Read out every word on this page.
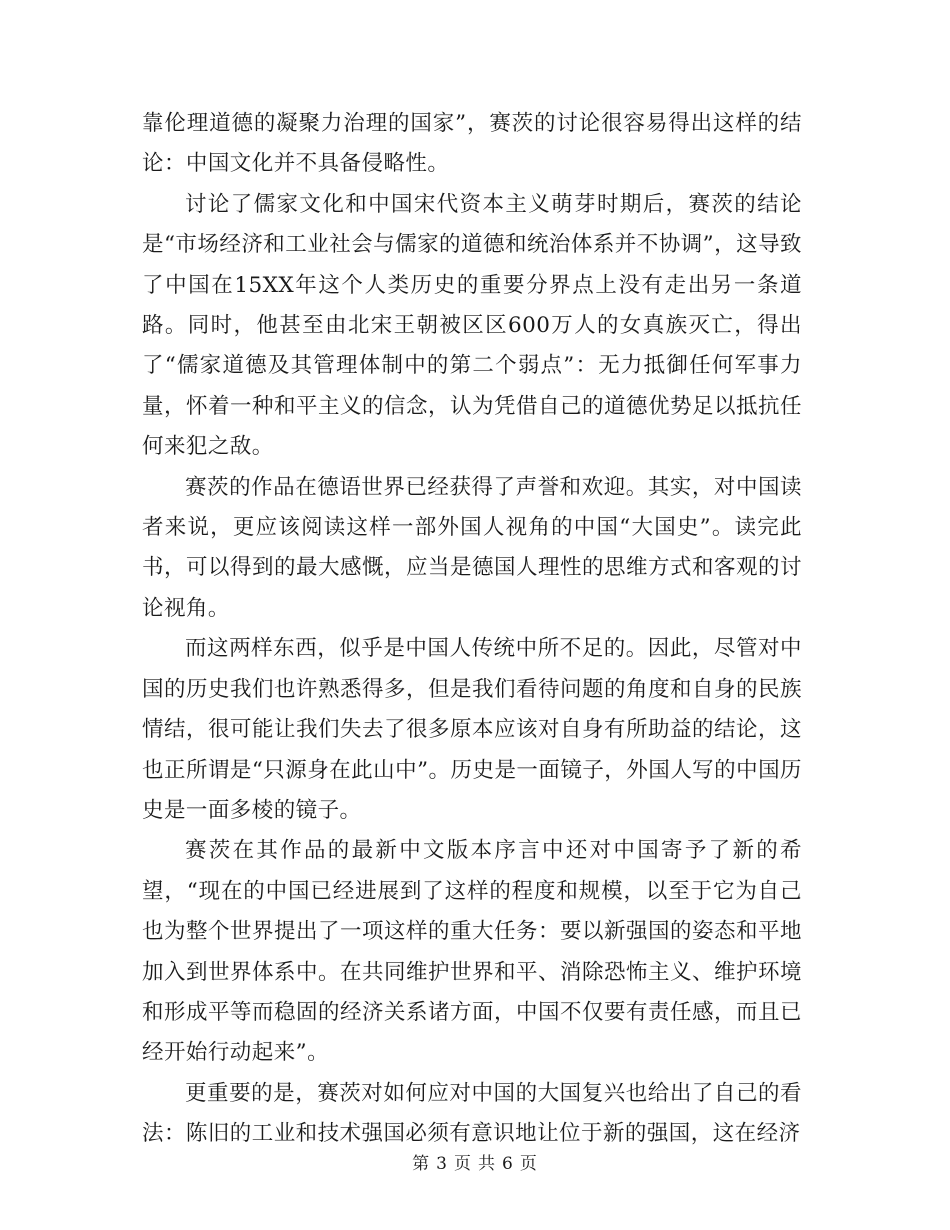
靠伦理道德的凝聚力治理的国家”，赛茨的讨论很容易得出这样的结论：中国文化并不具备侵略性。

讨论了儒家文化和中国宋代资本主义萌芽时期后，赛茨的结论是“市场经济和工业社会与儒家的道德和统治体系并不协调”，这导致了中国在15XX年这个人类历史的重要分界点上没有走出另一条道路。同时，他甚至由北宋王朝被区区600万人的女真族灭亡，得出了“儒家道德及其管理体制中的第二个弱点”：无力抵御任何军事力量，怀着一种和平主义的信念，认为凭借自己的道德优势足以抵抗任何来犯之敌。

赛茨的作品在德语世界已经获得了声誉和欢迎。其实，对中国读者来说，更应该阅读这样一部外国人视角的中国“大国史”。读完此书，可以得到的最大感慨，应当是德国人理性的思维方式和客观的讨论视角。

而这两样东西，似乎是中国人传统中所不足的。因此，尽管对中国的历史我们也许熟悉得多，但是我们看待问题的角度和自身的民族情结，很可能让我们失去了很多原本应该对自身有所助益的结论，这也正所谓是“只源身在此山中”。历史是一面镜子，外国人写的中国历史是一面多棱的镜子。

赛茨在其作品的最新中文版本序言中还对中国寄予了新的希望，“现在的中国已经进展到了这样的程度和规模，以至于它为自己也为整个世界提出了一项这样的重大任务：要以新强国的姿态和平地加入到世界体系中。在共同维护世界和平、消除恐怖主义、维护环境和形成平等而稳固的经济关系诸方面，中国不仅要有责任感，而且已经开始行动起来”。

更重要的是，赛茨对如何应对中国的大国复兴也给出了自己的看法：陈旧的工业和技术强国必须有意识地让位于新的强国，这在经济

第 3 页 共 6 页
